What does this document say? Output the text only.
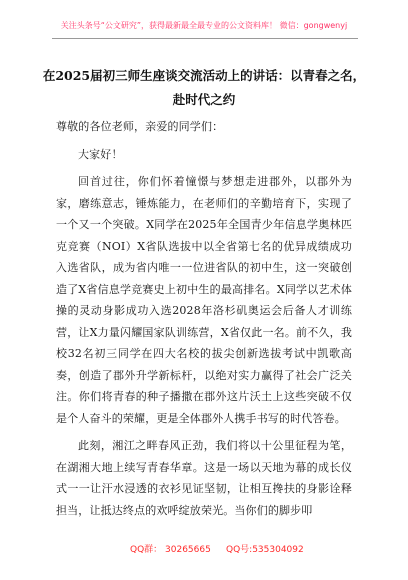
关注头条号“公文研究”，获得最新最全最专业的公文资料库！ 微信：gongwenyj
在2025届初三师生座谈交流活动上的讲话：以青春之名，
赴时代之约

尊敬的各位老师，亲爱的同学们：

大家好！

回首过往，你们怀着憧憬与梦想走进郡外，以郡外为家，磨练意志，锤炼能力，在老师们的辛勤培育下，实现了一个又一个突破。X同学在2025年全国青少年信息学奥林匹克竞赛（NOI）X省队选拔中以全省第七名的优异成绩成功入选省队，成为省内唯一一位进省队的初中生，这一突破创造了X省信息学竞赛史上初中生的最高排名。X同学以艺术体操的灵动身影成功入选2028年洛杉矶奥运会后备人才训练营，让X力量闪耀国家队训练营，X省仅此一名。前不久，我校32名初三同学在四大名校的拔尖创新选拔考试中凯歌高奏，创造了郡外升学新标杆，以绝对实力赢得了社会广泛关注。你们将青春的种子播撒在郡外这片沃土上这些突破不仅是个人奋斗的荣耀，更是全体郡外人携手书写的时代答卷。

此刻，湘江之畔春风正劲，我们将以十公里征程为笔，在湖湘大地上续写青春华章。这是一场以天地为幕的成长仪式一一让汗水浸透的衣衫见证坚韧，让相互搀扶的身影诠释担当，让抵达终点的欢呼绽放荣光。当你们的脚步叩

QQ群： 30265665 QQ号:535304092
